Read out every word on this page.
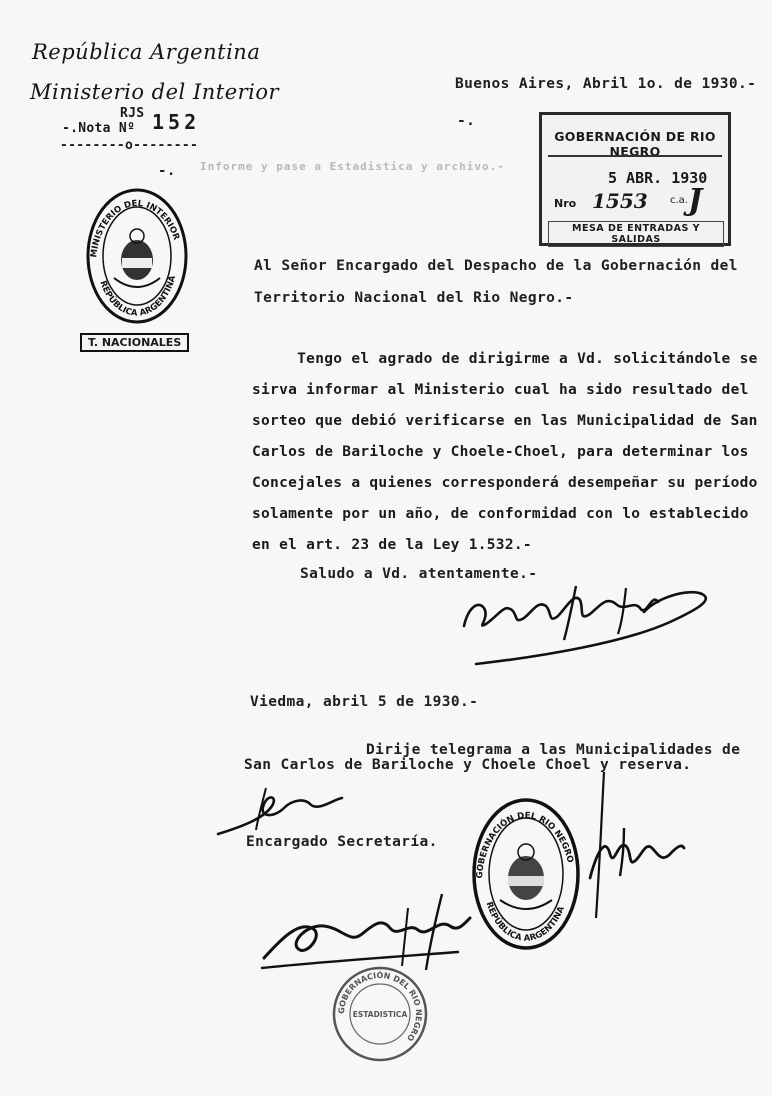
República Argentina
Ministerio del Interior
RJS
-.Nota Nº 152
--------o--------
Buenos Aires, Abril 1o. de 1930.-
-.
-. Informe y pase a Estadistica y archivo.-
GOBERNACIÓN DE RIO NEGRO
5 ABR. 1930
Nro 1553 c.a. J
MESA DE ENTRADAS Y SALIDAS
MINISTERIO DEL INTERIOR
REPÚBLICA ARGENTINA
T. NACIONALES
Al Señor Encargado del Despacho de la Gobernación del
Territorio Nacional del Rio Negro.-
Tengo el agrado de dirigirme a Vd. solicitándole se
sirva informar al Ministerio cual ha sido resultado del
sorteo que debió verificarse en las Municipalidad de San
Carlos de Bariloche y Choele-Choel, para determinar los
Concejales a quienes corresponderá desempeñar su período
solamente por un año, de conformidad con lo establecido
en el art. 23 de la Ley 1.532.-
Saludo a Vd. atentamente.-
Viedma, abril 5 de 1930.-
Dirije telegrama a las Municipalidades de
San Carlos de Bariloche y Choele Choel y reserva.
Encargado Secretaría.
GOBERNACIÓN DEL RIO NEGRO
REPÚBLICA ARGENTINA
GOBERNACIÓN DEL RIO NEGRO
ESTADISTICA
